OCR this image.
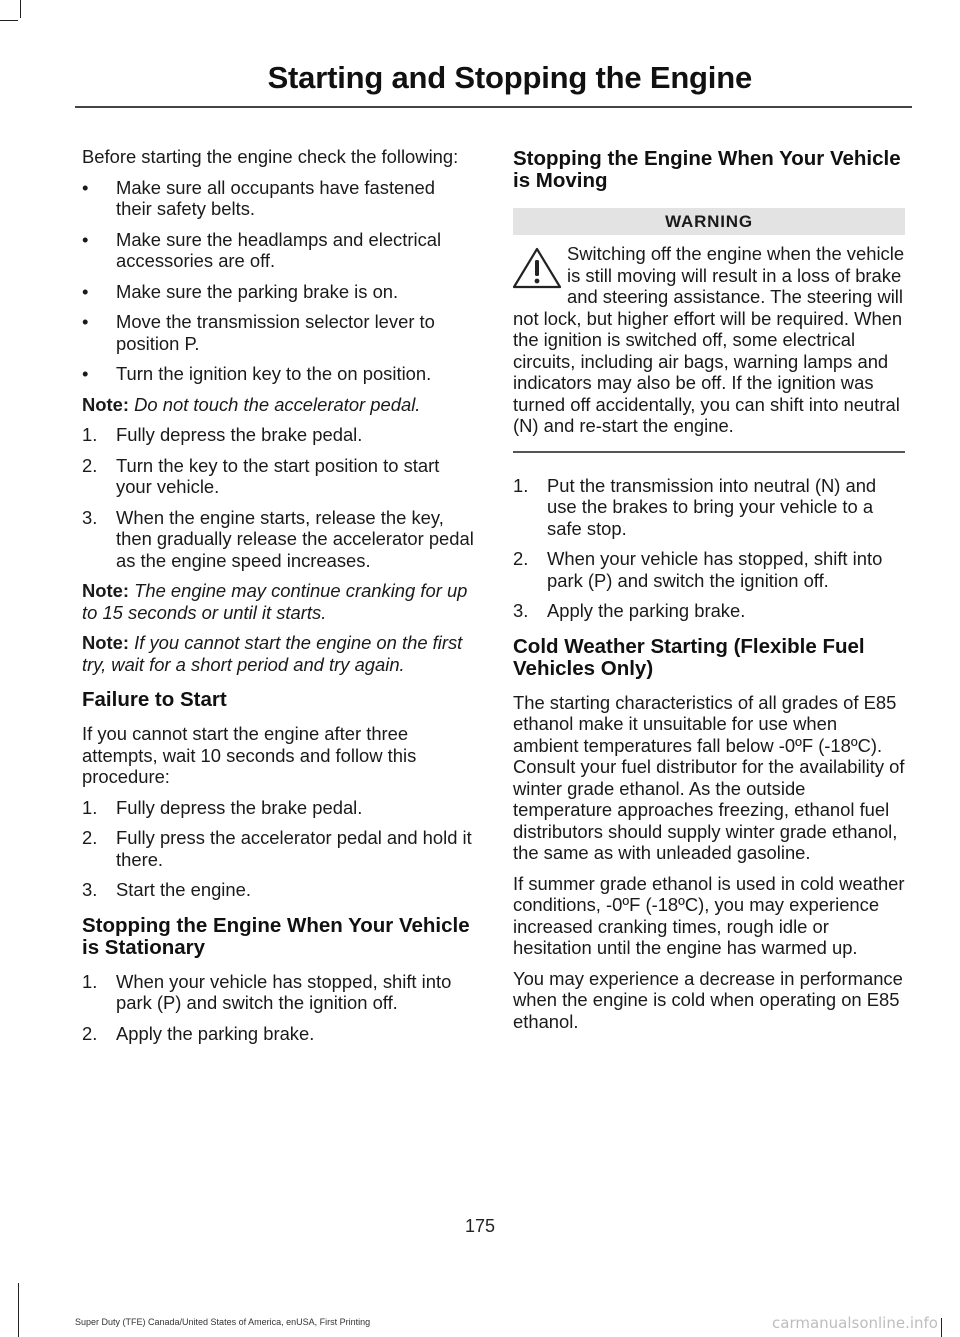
Starting and Stopping the Engine

Before starting the engine check the following:

• Make sure all occupants have fastened their safety belts.
• Make sure the headlamps and electrical accessories are off.
• Make sure the parking brake is on.
• Move the transmission selector lever to position P.
• Turn the ignition key to the on position.
Note: Do not touch the accelerator pedal.
1. Fully depress the brake pedal.
2. Turn the key to the start position to start your vehicle.
3. When the engine starts, release the key, then gradually release the accelerator pedal as the engine speed increases.
Note: The engine may continue cranking for up to 15 seconds or until it starts.
Note: If you cannot start the engine on the first try, wait for a short period and try again.
Failure to Start

If you cannot start the engine after three attempts, wait 10 seconds and follow this procedure:

1. Fully depress the brake pedal.
2. Fully press the accelerator pedal and hold it there.
3. Start the engine.
Stopping the Engine When Your Vehicle is Stationary
1. When your vehicle has stopped, shift into park (P) and switch the ignition off.
2. Apply the parking brake.
Stopping the Engine When Your Vehicle is Moving
WARNING
Switching off the engine when the vehicle is still moving will result in a loss of brake and steering assistance. The steering will not lock, but higher effort will be required. When the ignition is switched off, some electrical circuits, including air bags, warning lamps and indicators may also be off. If the ignition was turned off accidentally, you can shift into neutral (N) and re-start the engine.
1. Put the transmission into neutral (N) and use the brakes to bring your vehicle to a safe stop.
2. When your vehicle has stopped, shift into park (P) and switch the ignition off.
3. Apply the parking brake.
Cold Weather Starting (Flexible Fuel Vehicles Only)

The starting characteristics of all grades of E85 ethanol make it unsuitable for use when ambient temperatures fall below -0ºF (-18ºC). Consult your fuel distributor for the availability of winter grade ethanol. As the outside temperature approaches freezing, ethanol fuel distributors should supply winter grade ethanol, the same as with unleaded gasoline.

If summer grade ethanol is used in cold weather conditions, -0ºF (-18ºC), you may experience increased cranking times, rough idle or hesitation until the engine has warmed up.

You may experience a decrease in performance when the engine is cold when operating on E85 ethanol.

175
Super Duty (TFE) Canada/United States of America, enUSA, First Printing	carmanualsonline.info
